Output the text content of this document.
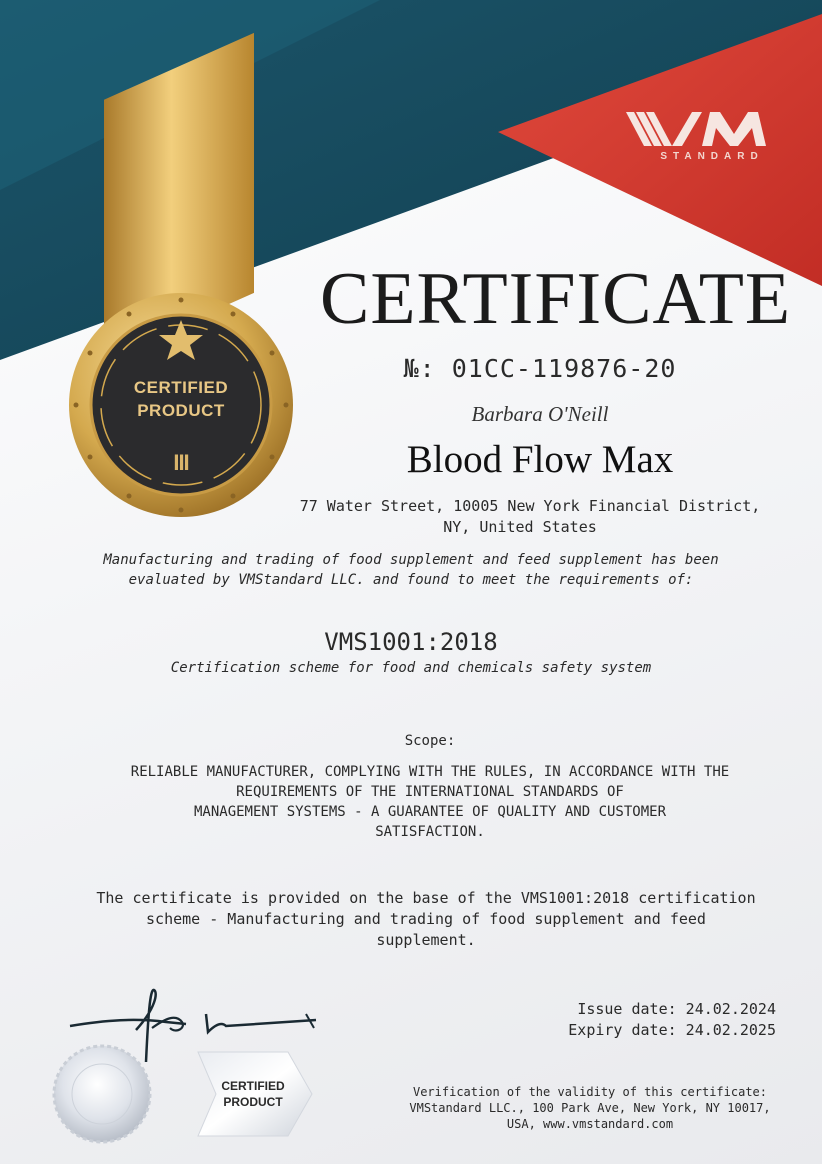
STANDARD
CERTIFIED
PRODUCT
III
CERTIFICATE
№: 01CC-119876-20
Barbara O'Neill
Blood Flow Max
77 Water Street, 10005 New York Financial District,
NY, United States
Manufacturing and trading of food supplement and feed supplement has been
evaluated by VMStandard LLC. and found to meet the requirements of:
VMS1001:2018
Certification scheme for food and chemicals safety system
Scope:
RELIABLE MANUFACTURER, COMPLYING WITH THE RULES, IN ACCORDANCE WITH THE
REQUIREMENTS OF THE INTERNATIONAL STANDARDS OF
MANAGEMENT SYSTEMS - A GUARANTEE OF QUALITY AND CUSTOMER
SATISFACTION.
The certificate is provided on the base of the VMS1001:2018 certification
scheme - Manufacturing and trading of food supplement and feed
supplement.
Issue date: 24.02.2024
Expiry date: 24.02.2025
Verification of the validity of this certificate:
VMStandard LLC., 100 Park Ave, New York, NY 10017,
USA, www.vmstandard.com
CERTIFIED
PRODUCT
